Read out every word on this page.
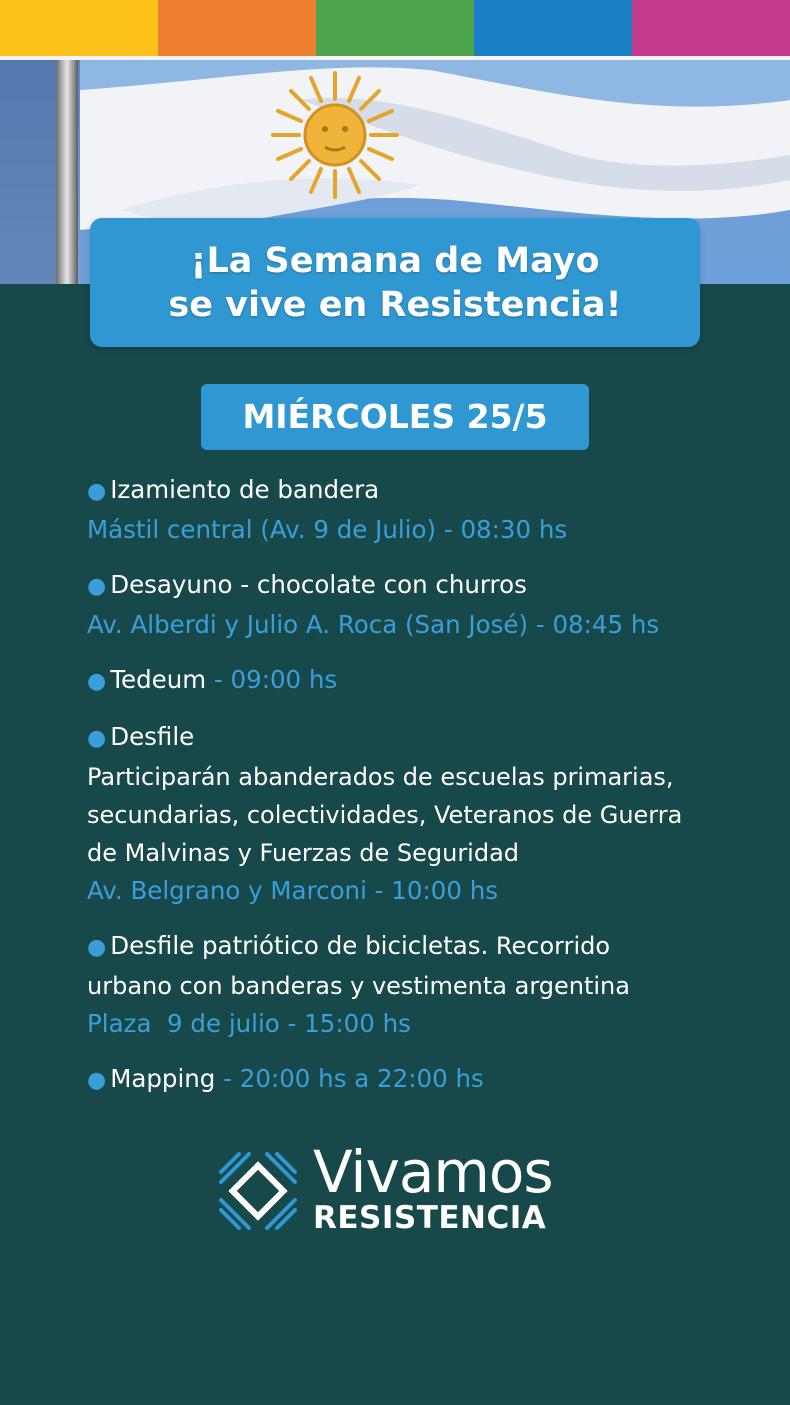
¡La Semana de Mayo
se vive en Resistencia!
MIÉRCOLES 25/5
● Izamiento de bandera
Mástil central (Av. 9 de Julio) - 08:30 hs
● Desayuno - chocolate con churros
Av. Alberdi y Julio A. Roca (San José) - 08:45 hs
● Tedeum - 09:00 hs
● Desfile
Participarán abanderados de escuelas primarias,
secundarias, colectividades, Veteranos de Guerra
de Malvinas y Fuerzas de Seguridad
Av. Belgrano y Marconi - 10:00 hs
● Desfile patriótico de bicicletas. Recorrido
urbano con banderas y vestimenta argentina
Plaza  9 de julio - 15:00 hs
● Mapping - 20:00 hs a 22:00 hs
Vivamos
RESISTENCIA
